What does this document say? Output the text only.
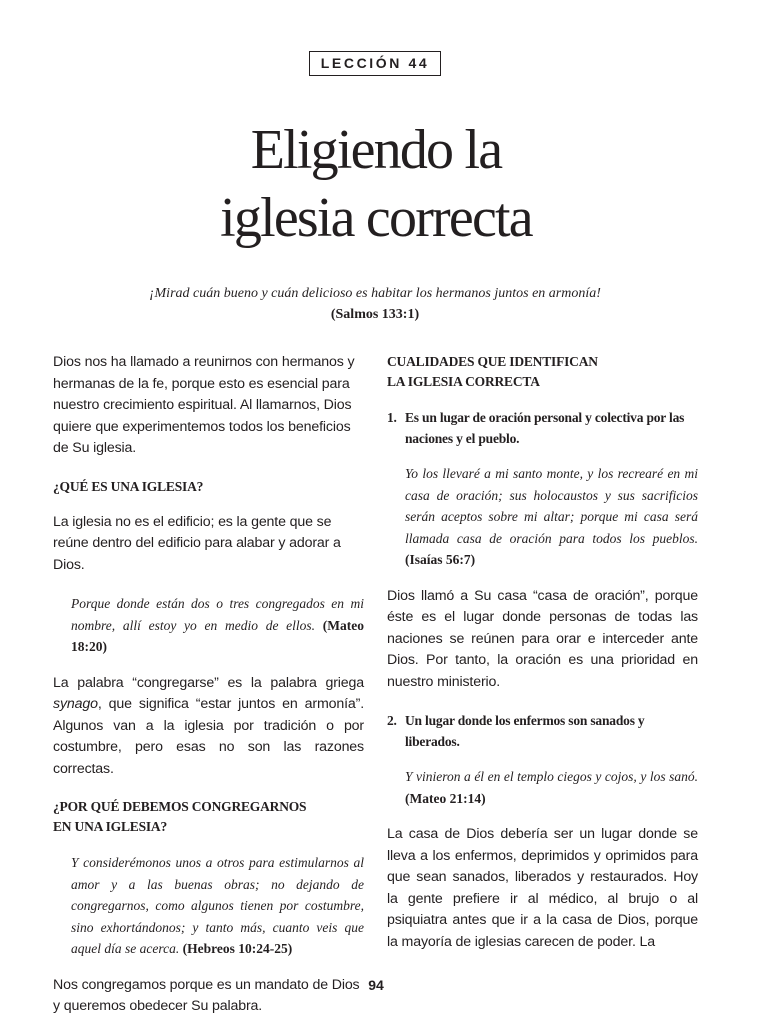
LECCIÓN 44
Eligiendo la
iglesia correcta
¡Mirad cuán bueno y cuán delicioso es habitar los hermanos juntos en armonía!
(Salmos 133:1)

Dios nos ha llamado a reunirnos con hermanos y hermanas de la fe, porque esto es esencial para nuestro crecimiento espiritual. Al llamarnos, Dios quiere que experimentemos todos los beneficios de Su iglesia.

¿QUÉ ES UNA IGLESIA?

La iglesia no es el edificio; es la gente que se reúne dentro del edificio para alabar y adorar a Dios.

Porque donde están dos o tres congregados en mi nombre, allí estoy yo en medio de ellos. (Mateo 18:20)

La palabra “congregarse” es la palabra griega synago, que significa “estar juntos en armonía”. Algunos van a la iglesia por tradición o por costumbre, pero esas no son las razones correctas.

¿POR QUÉ DEBEMOS CONGREGARNOS
EN UNA IGLESIA?
Y considerémonos unos a otros para estimularnos al amor y a las buenas obras; no dejando de congregarnos, como algunos tienen por costumbre, sino exhortándonos; y tanto más, cuanto veis que aquel día se acerca. (Hebreos 10:24-25)

Nos congregamos porque es un mandato de Dios y queremos obedecer Su palabra.

CUALIDADES QUE IDENTIFICAN
LA IGLESIA CORRECTA
1. Es un lugar de oración personal y colectiva por las naciones y el pueblo.
Yo los llevaré a mi santo monte, y los recrearé en mi casa de oración; sus holocaustos y sus sacrificios serán aceptos sobre mi altar; porque mi casa será llamada casa de oración para todos los pueblos. (Isaías 56:7)

Dios llamó a Su casa “casa de oración”, porque éste es el lugar donde personas de todas las naciones se reúnen para orar e interceder ante Dios. Por tanto, la oración es una prioridad en nuestro ministerio.

2. Un lugar donde los enfermos son sanados y liberados.
Y vinieron a él en el templo ciegos y cojos, y los sanó. (Mateo 21:14)

La casa de Dios debería ser un lugar donde se lleva a los enfermos, deprimidos y oprimidos para que sean sanados, liberados y restaurados. Hoy la gente prefiere ir al médico, al brujo o al psiquiatra antes que ir a la casa de Dios, porque la mayoría de iglesias carecen de poder. La

94
